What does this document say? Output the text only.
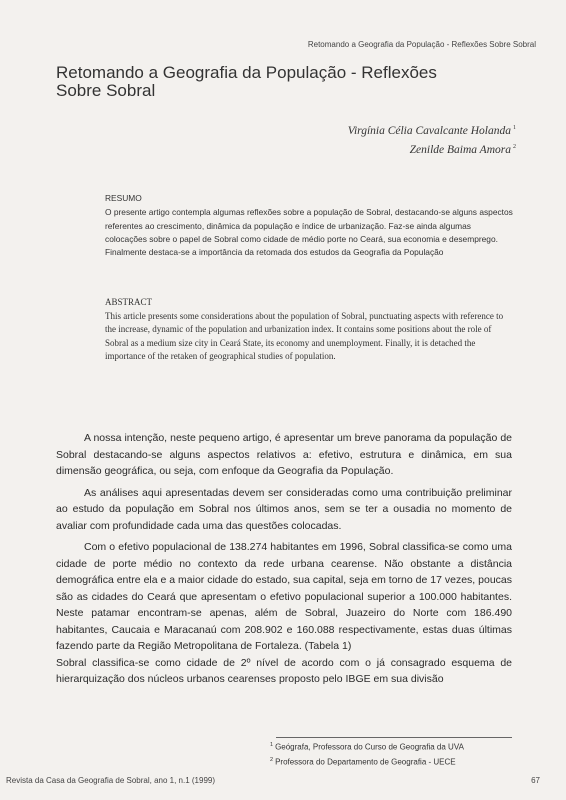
Retomando a Geografia da População - Reflexões Sobre Sobral
Retomando a Geografia da População - Reflexões
Sobre Sobral
Virgínia Célia Cavalcante Holanda $^1$
Zenilde Baima Amora $^2$
RESUMO
O presente artigo contempla algumas reflexões sobre a população de Sobral, destacando-se alguns aspectos referentes ao crescimento, dinâmica da população e índice de urbanização. Faz-se ainda algumas colocações sobre o papel de Sobral como cidade de médio porte no Ceará, sua economia e desemprego. Finalmente destaca-se a importância da retomada dos estudos da Geografia da População
ABSTRACT
This article presents some considerations about the population of Sobral, punctuating aspects with reference to the increase, dynamic of the population and urbanization index. It contains some positions about the role of Sobral as a medium size city in Ceará State, its economy and unemployment. Finally, it is detached the importance of the retaken of geographical studies of population.

A nossa intenção, neste pequeno artigo, é apresentar um breve panorama da população de Sobral destacando-se alguns aspectos relativos a: efetivo, estrutura e dinâmica, em sua dimensão geográfica, ou seja, com enfoque da Geografia da População.

As análises aqui apresentadas devem ser consideradas como uma contribuição preliminar ao estudo da população em Sobral nos últimos anos, sem se ter a ousadia no momento de avaliar com profundidade cada uma das questões colocadas.

Com o efetivo populacional de 138.274 habitantes em 1996, Sobral classifica-se como uma cidade de porte médio no contexto da rede urbana cearense. Não obstante a distância demográfica entre ela e a maior cidade do estado, sua capital, seja em torno de 17 vezes, poucas são as cidades do Ceará que apresentam o efetivo populacional superior a 100.000 habitantes. Neste patamar encontram-se apenas, além de Sobral, Juazeiro do Norte com 186.490 habitantes, Caucaia e Maracanaú com 208.902 e 160.088 respectivamente, estas duas últimas fazendo parte da Região Metropolitana de Fortaleza. (Tabela 1)

Sobral classifica-se como cidade de 2º nível de acordo com o já consagrado esquema de hierarquização dos núcleos urbanos cearenses proposto pelo IBGE em sua divisão

$^1$ Geógrafa, Professora do Curso de Geografia da UVA
$^2$ Professora do Departamento de Geografia - UECE
Revista da Casa da Geografia de Sobral, ano 1, n.1 (1999)	67
